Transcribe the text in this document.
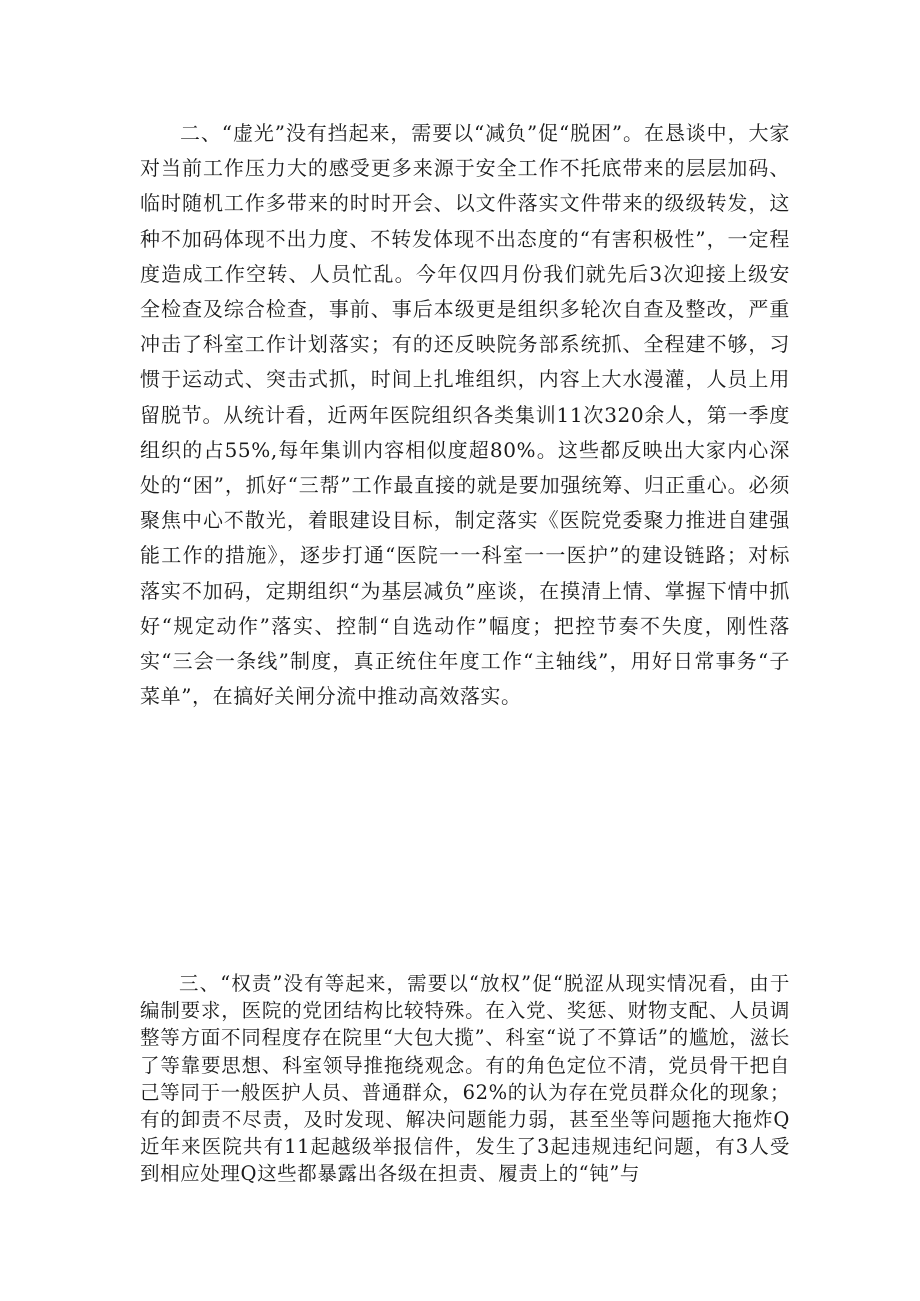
二、“虚光”没有挡起来，需要以“减负”促“脱困”。在恳谈中，大家对当前工作压力大的感受更多来源于安全工作不托底带来的层层加码、临时随机工作多带来的时时开会、以文件落实文件带来的级级转发，这种不加码体现不出力度、不转发体现不出态度的“有害积极性”，一定程度造成工作空转、人员忙乱。今年仅四月份我们就先后3次迎接上级安全检查及综合检查，事前、事后本级更是组织多轮次自查及整改，严重冲击了科室工作计划落实；有的还反映院务部系统抓、全程建不够，习惯于运动式、突击式抓，时间上扎堆组织，内容上大水漫灌，人员上用留脱节。从统计看，近两年医院组织各类集训11次320余人，第一季度组织的占55%,每年集训内容相似度超80%。这些都反映出大家内心深处的“困”，抓好“三帮”工作最直接的就是要加强统筹、归正重心。必须聚焦中心不散光，着眼建设目标，制定落实《医院党委聚力推进自建强能工作的措施》，逐步打通“医院一一科室一一医护”的建设链路；对标落实不加码，定期组织“为基层减负”座谈，在摸清上情、掌握下情中抓好“规定动作”落实、控制“自选动作”幅度；把控节奏不失度，刚性落实“三会一条线”制度，真正统住年度工作“主轴线”，用好日常事务“子菜单”，在搞好关闸分流中推动高效落实。

三、“权责”没有等起来，需要以“放权”促“脱涩从现实情况看，由于编制要求，医院的党团结构比较特殊。在入党、奖惩、财物支配、人员调整等方面不同程度存在院里“大包大揽”、科室“说了不算话”的尴尬，滋长了等靠要思想、科室领导推拖绕观念。有的角色定位不清，党员骨干把自己等同于一般医护人员、普通群众，62%的认为存在党员群众化的现象；有的卸责不尽责，及时发现、解决问题能力弱，甚至坐等问题拖大拖炸Q近年来医院共有11起越级举报信件，发生了3起违规违纪问题，有3人受到相应处理Q这些都暴露出各级在担责、履责上的“钝”与
